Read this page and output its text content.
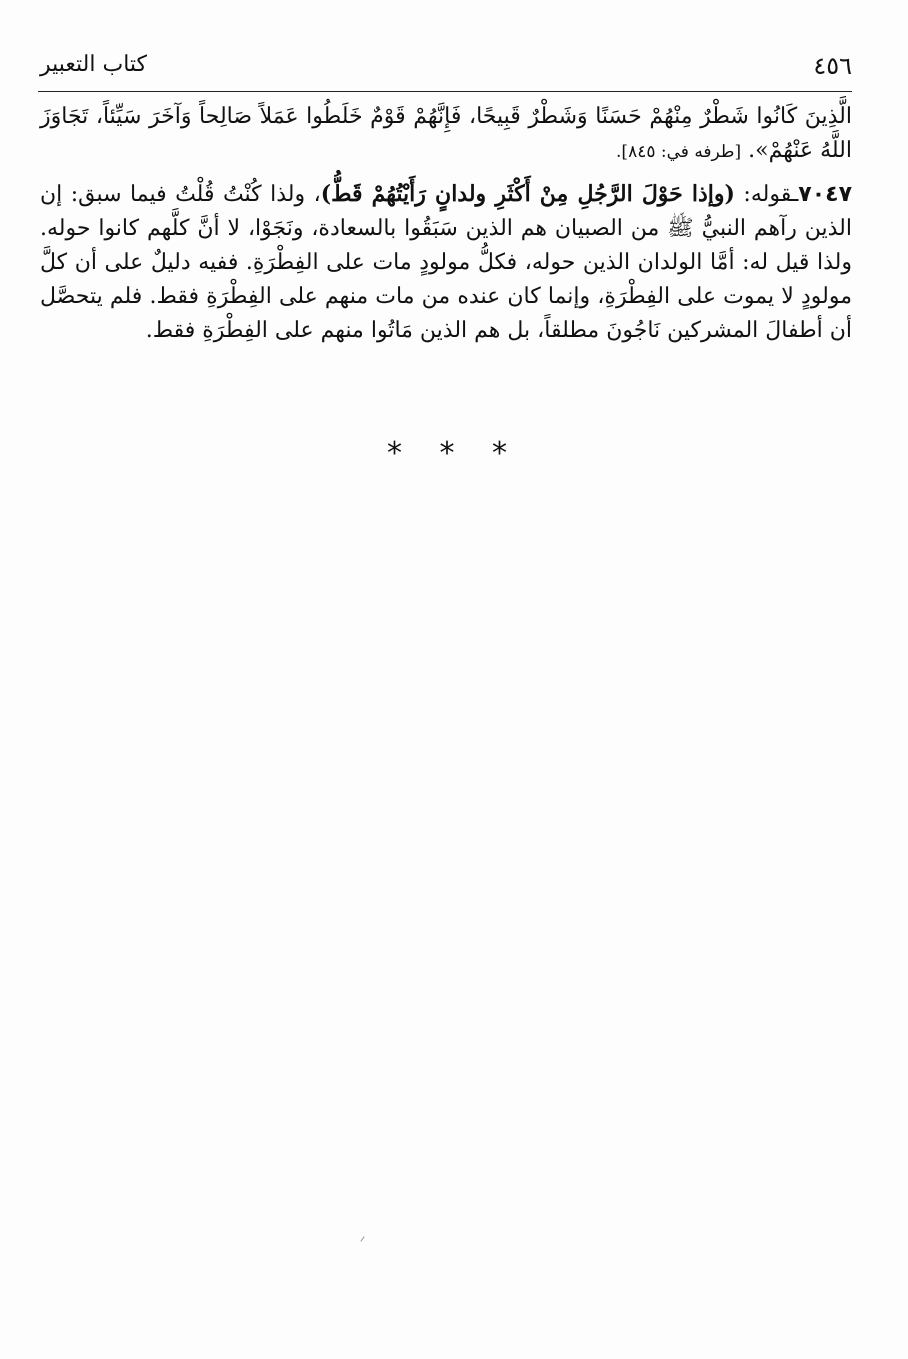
٤٥٦
كتاب التعبير

الَّذِينَ كَانُوا شَطْرٌ مِنْهُمْ حَسَنًا وَشَطْرٌ قَبِيحًا، فَإِنَّهُمْ قَوْمٌ خَلَطُوا عَمَلاً صَالِحاً وَآخَرَ سَيِّئاً، تَجَاوَزَ اللَّهُ عَنْهُمْ». [طرفه في: ٨٤٥].

٧٠٤٧ـقوله: (وإذا حَوْلَ الرَّجُلِ مِنْ أَكْثَرِ ولدانٍ رَأَيْتُهُمْ قَطُّ)، ولذا كُنْتُ قُلْتُ فيما سبق: إن الذين رآهم النبيُّ ﷺ من الصبيان هم الذين سَبَقُوا بالسعادة، ونَجَوْا، لا أنَّ كلَّهم كانوا حوله. ولذا قيل له: أمَّا الولدان الذين حوله، فكلُّ مولودٍ مات على الفِطْرَةِ. ففيه دليلٌ على أن كلَّ مولودٍ لا يموت على الفِطْرَةِ، وإنما كان عنده من مات منهم على الفِطْرَةِ فقط. فلم يتحصَّل أن أطفالَ المشركين نَاجُونَ مطلقاً، بل هم الذين مَاتُوا منهم على الفِطْرَةِ فقط.

* * *
